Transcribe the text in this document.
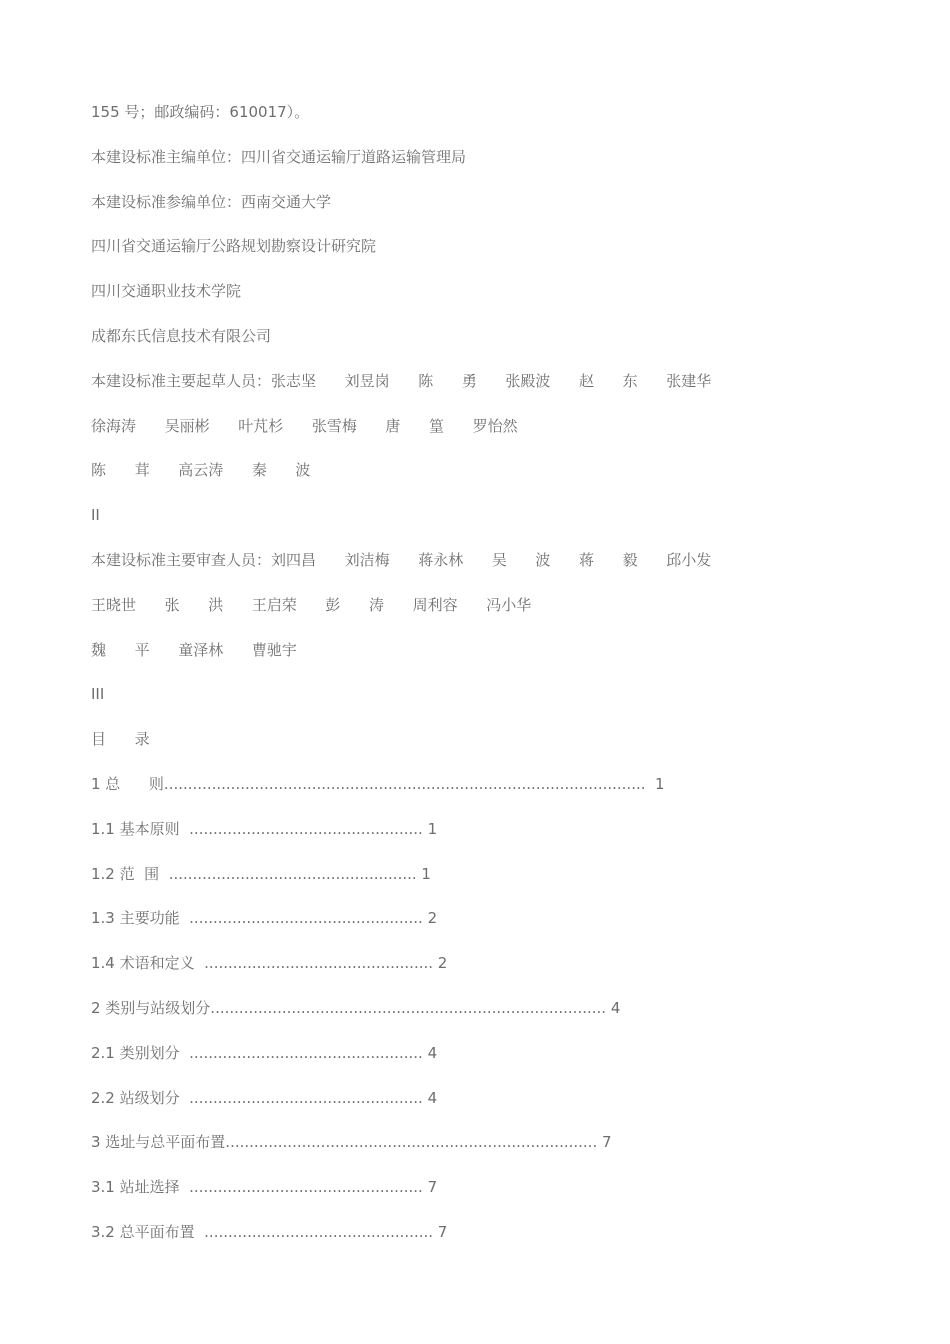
155 号；邮政编码：610017）。
本建设标准主编单位：四川省交通运输厅道路运输管理局
本建设标准参编单位：西南交通大学
四川省交通运输厅公路规划勘察设计研究院
四川交通职业技术学院
成都东氏信息技术有限公司
本建设标准主要起草人员：张志坚      刘昱岗      陈      勇      张殿波      赵      东      张建华
徐海涛      吴丽彬      叶芃杉      张雪梅      唐      篁      罗怡然
陈      茸      高云涛      秦      波
II
本建设标准主要审查人员：刘四昌      刘洁梅      蒋永林      吴      波      蒋      毅      邱小发
王晓世      张      洪      王启荣      彭      涛      周利容      冯小华
魏      平      童泽林      曹驰宇
III
目      录
1 总      则.....................................................................................................  1
1.1 基本原则  ................................................. 1
1.2 范  围  .................................................... 1
1.3 主要功能  ................................................. 2
1.4 术语和定义  ................................................ 2
2 类别与站级划分................................................................................... 4
2.1 类别划分  ................................................. 4
2.2 站级划分  ................................................. 4
3 选址与总平面布置.............................................................................. 7
3.1 站址选择  ................................................. 7
3.2 总平面布置  ................................................ 7
